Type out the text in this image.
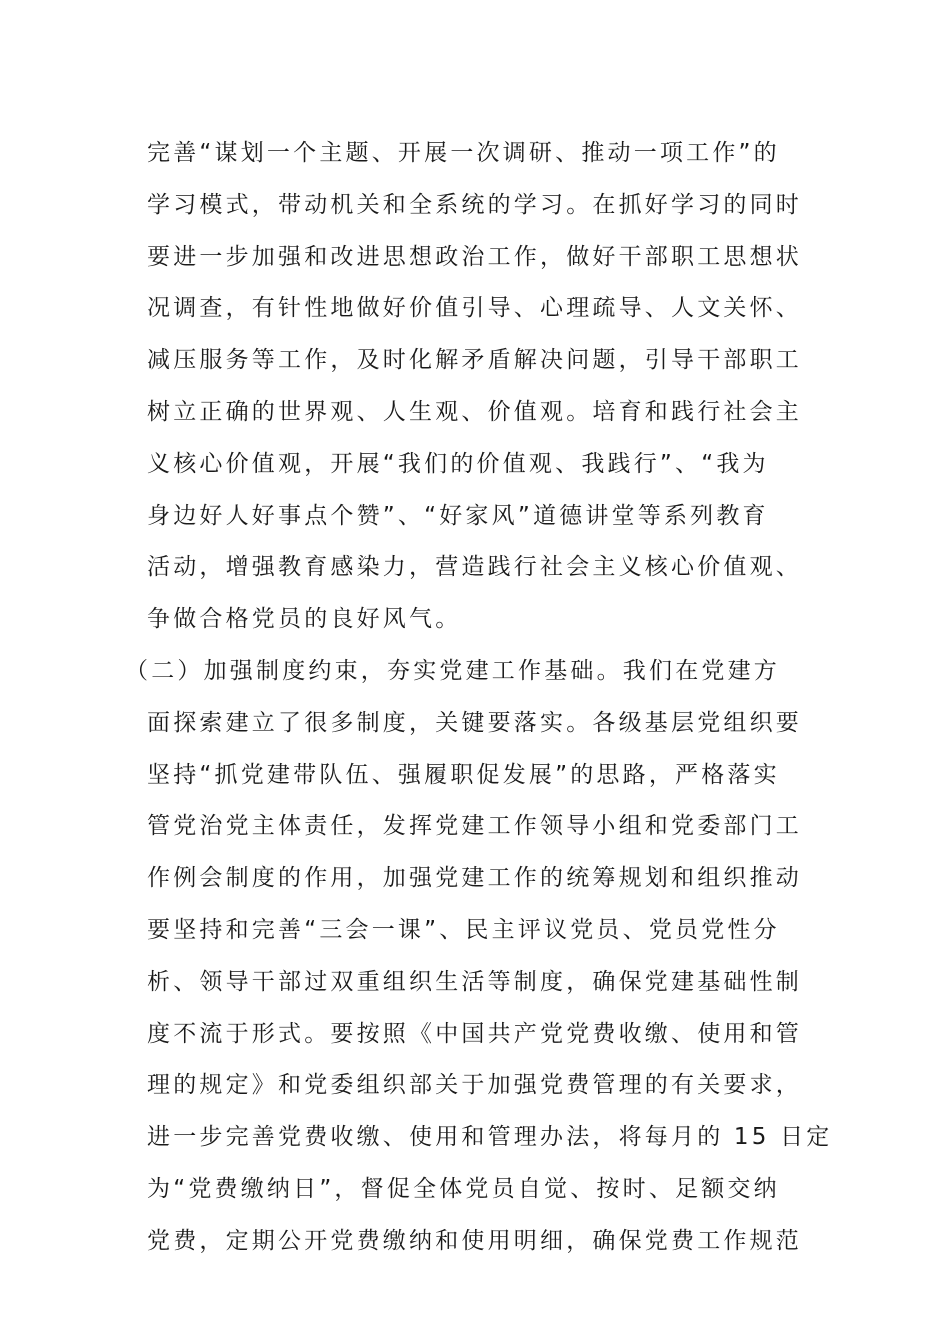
完善“谋划一个主题、开展一次调研、推动一项工作”的
学习模式，带动机关和全系统的学习。在抓好学习的同时
要进一步加强和改进思想政治工作，做好干部职工思想状
况调查，有针性地做好价值引导、心理疏导、人文关怀、
减压服务等工作，及时化解矛盾解决问题，引导干部职工
树立正确的世界观、人生观、价值观。培育和践行社会主
义核心价值观，开展“我们的价值观、我践行”、“我为
身边好人好事点个赞”、“好家风”道德讲堂等系列教育
活动，增强教育感染力，营造践行社会主义核心价值观、
争做合格党员的良好风气。
（二）加强制度约束，夯实党建工作基础。我们在党建方
面探索建立了很多制度，关键要落实。各级基层党组织要
坚持“抓党建带队伍、强履职促发展”的思路，严格落实
管党治党主体责任，发挥党建工作领导小组和党委部门工
作例会制度的作用，加强党建工作的统筹规划和组织推动
要坚持和完善“三会一课”、民主评议党员、党员党性分
析、领导干部过双重组织生活等制度，确保党建基础性制
度不流于形式。要按照《中国共产党党费收缴、使用和管
理的规定》和党委组织部关于加强党费管理的有关要求，
进一步完善党费收缴、使用和管理办法，将每月的 15 日定
为“党费缴纳日”，督促全体党员自觉、按时、足额交纳
党费，定期公开党费缴纳和使用明细，确保党费工作规范
